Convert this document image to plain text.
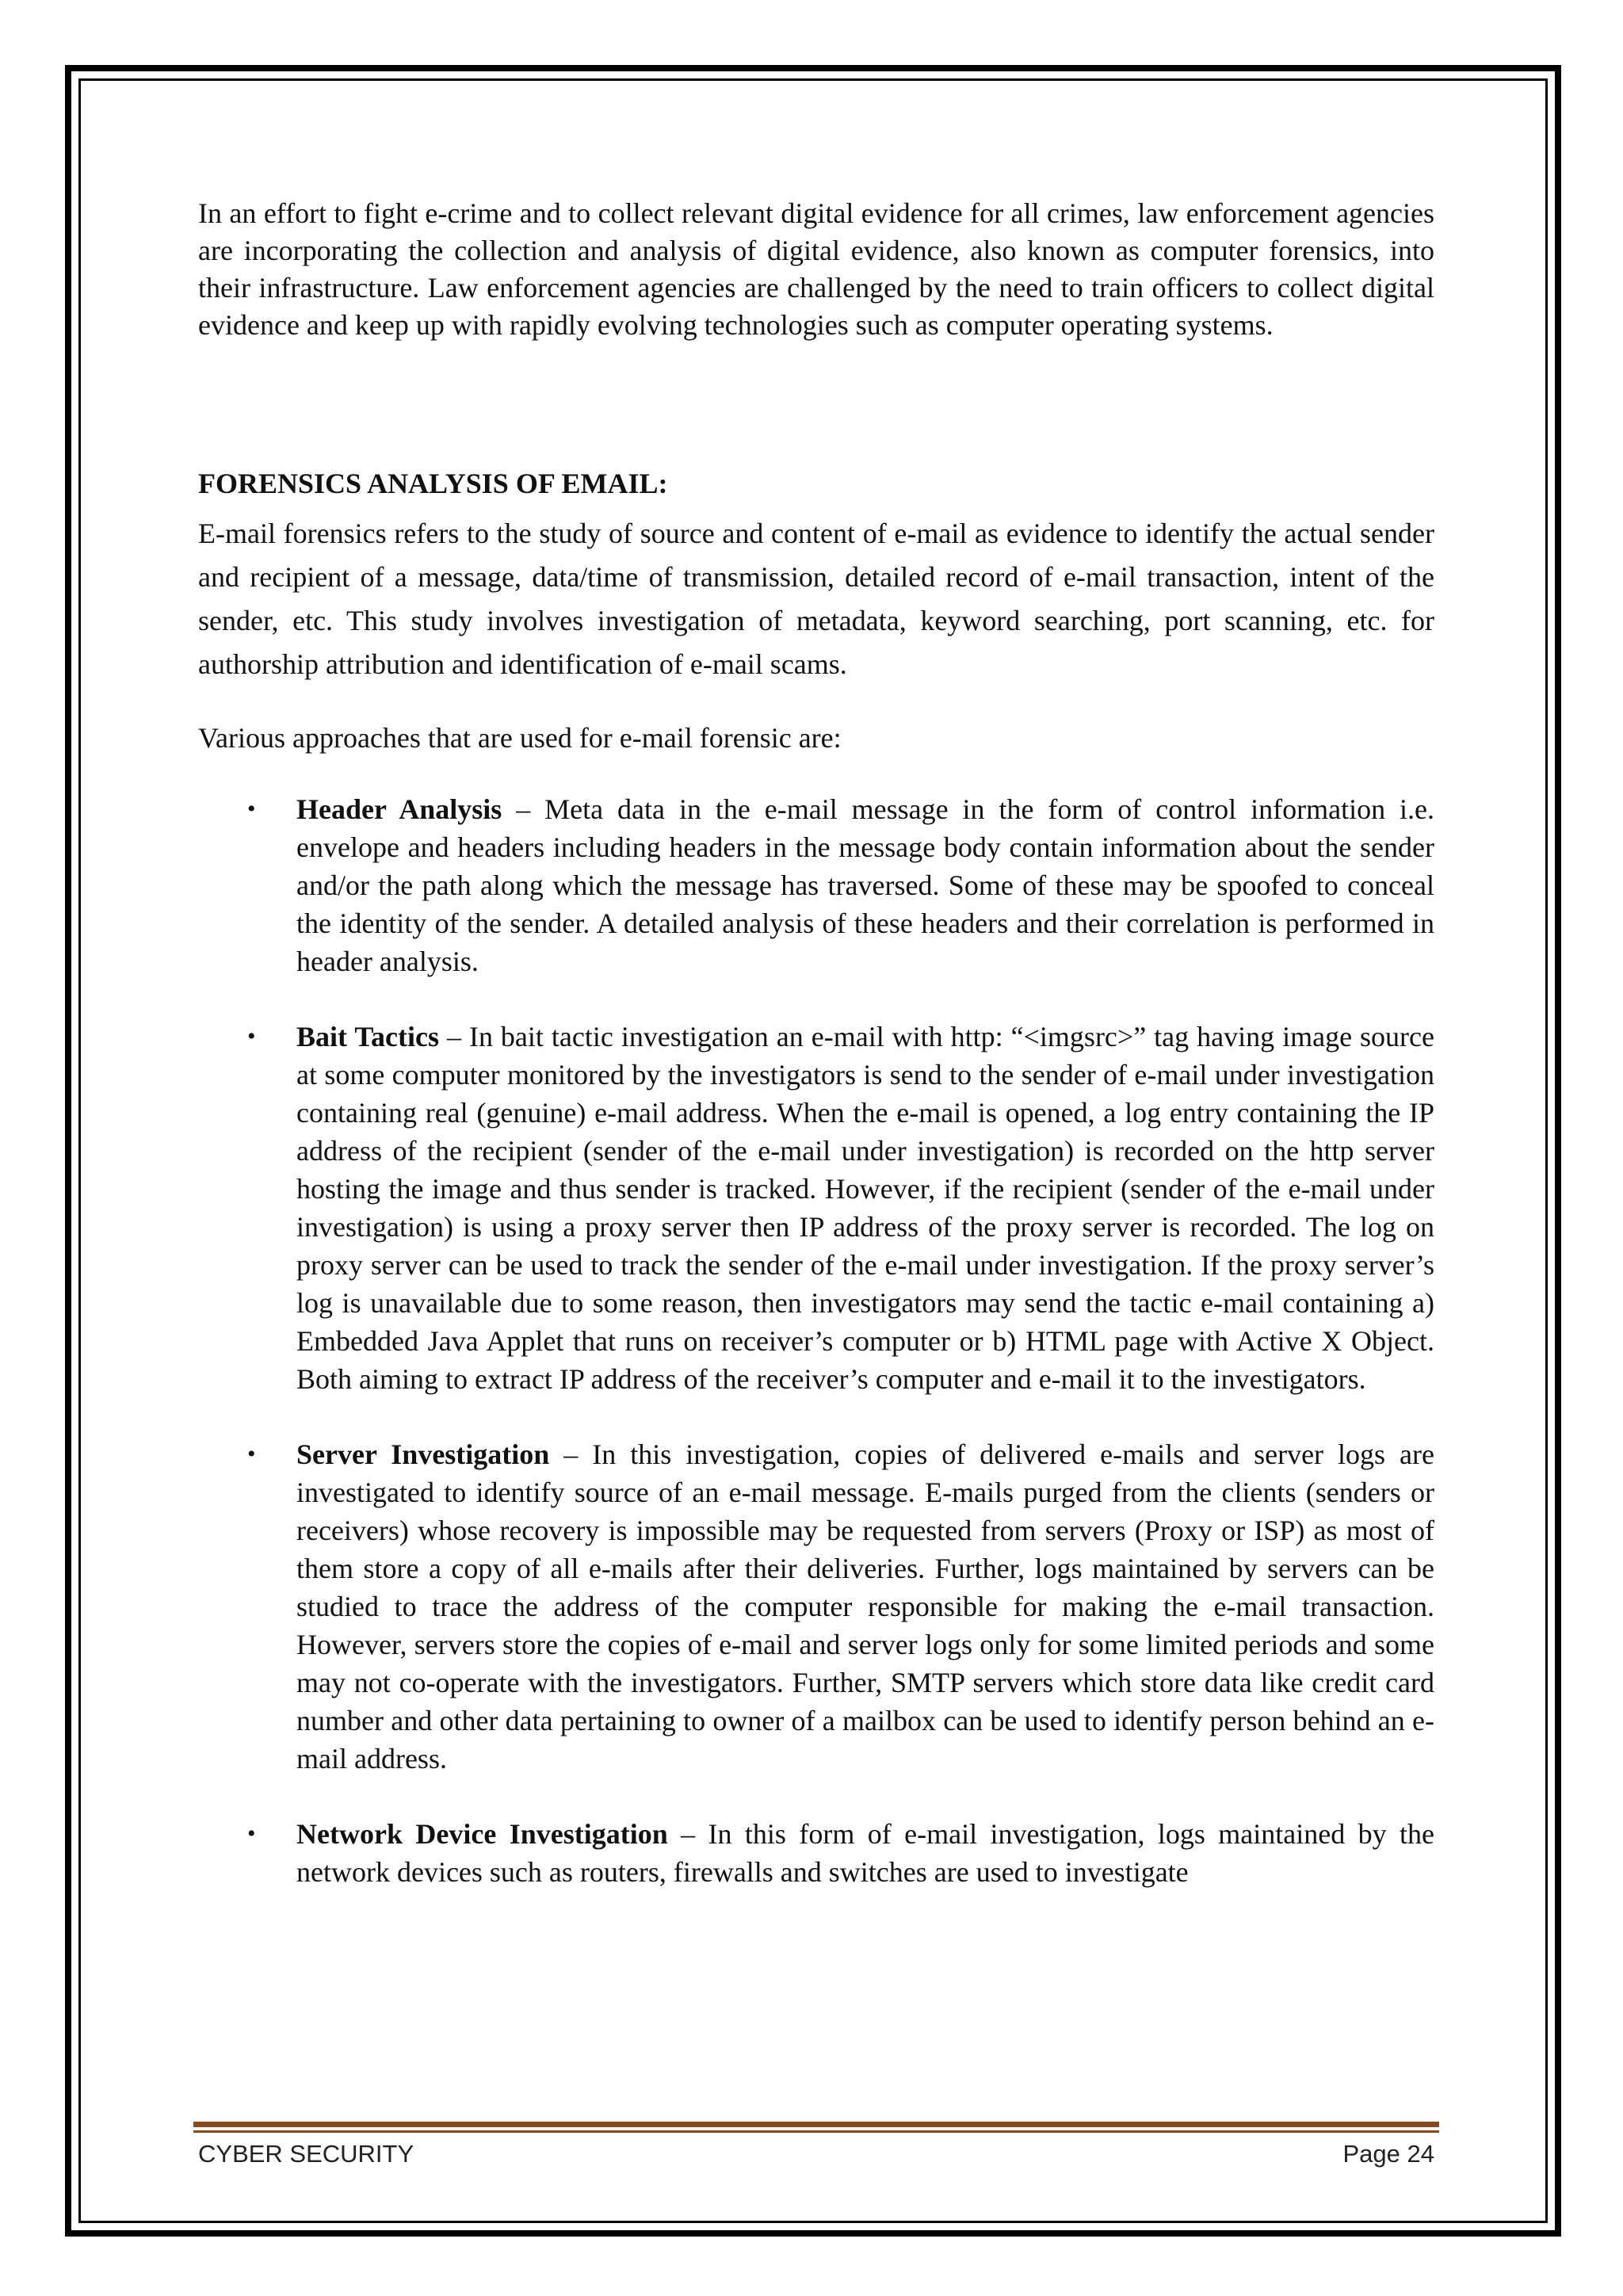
In an effort to fight e-crime and to collect relevant digital evidence for all crimes, law enforcement agencies are incorporating the collection and analysis of digital evidence, also known as computer forensics, into their infrastructure. Law enforcement agencies are challenged by the need to train officers to collect digital evidence and keep up with rapidly evolving technologies such as computer operating systems.

FORENSICS ANALYSIS OF EMAIL:

E-mail forensics refers to the study of source and content of e-mail as evidence to identify the actual sender and recipient of a message, data/time of transmission, detailed record of e-mail transaction, intent of the sender, etc. This study involves investigation of metadata, keyword searching, port scanning, etc. for authorship attribution and identification of e-mail scams.

Various approaches that are used for e-mail forensic are:

• Header Analysis – Meta data in the e-mail message in the form of control information i.e. envelope and headers including headers in the message body contain information about the sender and/or the path along which the message has traversed. Some of these may be spoofed to conceal the identity of the sender. A detailed analysis of these headers and their correlation is performed in header analysis.
• Bait Tactics – In bait tactic investigation an e-mail with http: “<imgsrc>” tag having image source at some computer monitored by the investigators is send to the sender of e-mail under investigation containing real (genuine) e-mail address. When the e-mail is opened, a log entry containing the IP address of the recipient (sender of the e-mail under investigation) is recorded on the http server hosting the image and thus sender is tracked. However, if the recipient (sender of the e-mail under investigation) is using a proxy server then IP address of the proxy server is recorded. The log on proxy server can be used to track the sender of the e-mail under investigation. If the proxy server’s log is unavailable due to some reason, then investigators may send the tactic e-mail containing a) Embedded Java Applet that runs on receiver’s computer or b) HTML page with Active X Object. Both aiming to extract IP address of the receiver’s computer and e-mail it to the investigators.
• Server Investigation – In this investigation, copies of delivered e-mails and server logs are investigated to identify source of an e-mail message. E-mails purged from the clients (senders or receivers) whose recovery is impossible may be requested from servers (Proxy or ISP) as most of them store a copy of all e-mails after their deliveries. Further, logs maintained by servers can be studied to trace the address of the computer responsible for making the e-mail transaction. However, servers store the copies of e-mail and server logs only for some limited periods and some may not co-operate with the investigators. Further, SMTP servers which store data like credit card number and other data pertaining to owner of a mailbox can be used to identify person behind an e-mail address.
• Network Device Investigation – In this form of e-mail investigation, logs maintained by the network devices such as routers, firewalls and switches are used to investigate
CYBER SECURITY	Page 24
